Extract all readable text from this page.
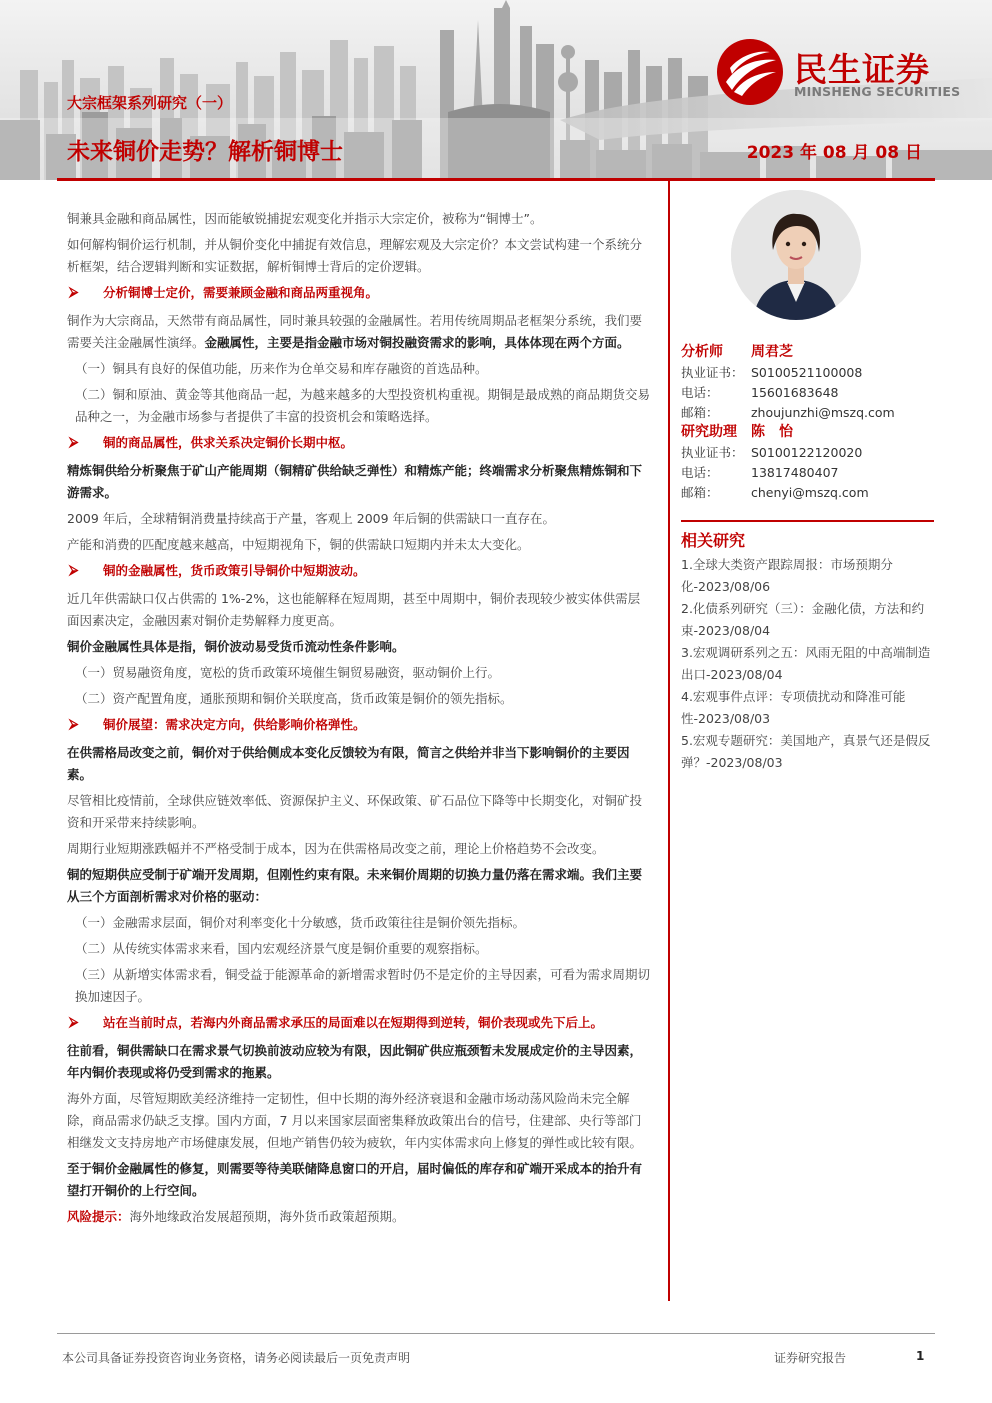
民生证券
MINSHENG SECURITIES
大宗框架系列研究（一）
未来铜价走势？解析铜博士	2023 年 08 月 08 日
铜兼具金融和商品属性，因而能敏锐捕捉宏观变化并指示大宗定价，被称为“铜博士”。
如何解构铜价运行机制，并从铜价变化中捕捉有效信息，理解宏观及大宗定价？本文尝试构建一个系统分析框架，结合逻辑判断和实证数据，解析铜博士背后的定价逻辑。
⮚ 分析铜博士定价，需要兼顾金融和商品两重视角。
铜作为大宗商品，天然带有商品属性，同时兼具较强的金融属性。若用传统周期品老框架分系统，我们要需要关注金融属性演绎。金融属性，主要是指金融市场对铜投融资需求的影响，具体体现在两个方面。
（一）铜具有良好的保值功能，历来作为仓单交易和库存融资的首选品种。
（二）铜和原油、黄金等其他商品一起，为越来越多的大型投资机构重视。期铜是最成熟的商品期货交易品种之一，为金融市场参与者提供了丰富的投资机会和策略选择。
⮚ 铜的商品属性，供求关系决定铜价长期中枢。
精炼铜供给分析聚焦于矿山产能周期（铜精矿供给缺乏弹性）和精炼产能；终端需求分析聚焦精炼铜和下游需求。
2009 年后，全球精铜消费量持续高于产量，客观上 2009 年后铜的供需缺口一直存在。
产能和消费的匹配度越来越高，中短期视角下，铜的供需缺口短期内并未太大变化。
⮚ 铜的金融属性，货币政策引导铜价中短期波动。
近几年供需缺口仅占供需的 1%-2%，这也能解释在短周期，甚至中周期中，铜价表现较少被实体供需层面因素决定，金融因素对铜价走势解释力度更高。
铜价金融属性具体是指，铜价波动易受货币流动性条件影响。
（一）贸易融资角度，宽松的货币政策环境催生铜贸易融资，驱动铜价上行。
（二）资产配置角度，通胀预期和铜价关联度高，货币政策是铜价的领先指标。
⮚ 铜价展望：需求决定方向，供给影响价格弹性。
在供需格局改变之前，铜价对于供给侧成本变化反馈较为有限，简言之供给并非当下影响铜价的主要因素。
尽管相比疫情前，全球供应链效率低、资源保护主义、环保政策、矿石品位下降等中长期变化，对铜矿投资和开采带来持续影响。
周期行业短期涨跌幅并不严格受制于成本，因为在供需格局改变之前，理论上价格趋势不会改变。
铜的短期供应受制于矿端开发周期，但刚性约束有限。未来铜价周期的切换力量仍落在需求端。我们主要从三个方面剖析需求对价格的驱动：
（一）金融需求层面，铜价对利率变化十分敏感，货币政策往往是铜价领先指标。
（二）从传统实体需求来看，国内宏观经济景气度是铜价重要的观察指标。
（三）从新增实体需求看，铜受益于能源革命的新增需求暂时仍不是定价的主导因素，可看为需求周期切换加速因子。
⮚ 站在当前时点，若海内外商品需求承压的局面难以在短期得到逆转，铜价表现或先下后上。
往前看，铜供需缺口在需求景气切换前波动应较为有限，因此铜矿供应瓶颈暂未发展成定价的主导因素，年内铜价表现或将仍受到需求的拖累。
海外方面，尽管短期欧美经济维持一定韧性，但中长期的海外经济衰退和金融市场动荡风险尚未完全解除，商品需求仍缺乏支撑。国内方面，7 月以来国家层面密集释放政策出台的信号，住建部、央行等部门相继发文支持房地产市场健康发展，但地产销售仍较为疲软，年内实体需求向上修复的弹性或比较有限。
至于铜价金融属性的修复，则需要等待美联储降息窗口的开启，届时偏低的库存和矿端开采成本的抬升有望打开铜价的上行空间。
风险提示：海外地缘政治发展超预期，海外货币政策超预期。
分析师	周君芝
执业证书： S0100521100008
电话：	15601683648
邮箱：	zhoujunzhi@mszq.com
研究助理	陈　怡
执业证书： S0100122120020
电话：	13817480407
邮箱：	chenyi@mszq.com
相关研究
1.全球大类资产跟踪周报：市场预期分化-2023/08/06
2.化债系列研究（三）：金融化债，方法和约束-2023/08/04
3.宏观调研系列之五：风雨无阻的中高端制造出口-2023/08/04
4.宏观事件点评：专项债扰动和降准可能性-2023/08/03
5.宏观专题研究：美国地产，真景气还是假反弹？-2023/08/03
本公司具备证券投资咨询业务资格，请务必阅读最后一页免责声明	证券研究报告	1
